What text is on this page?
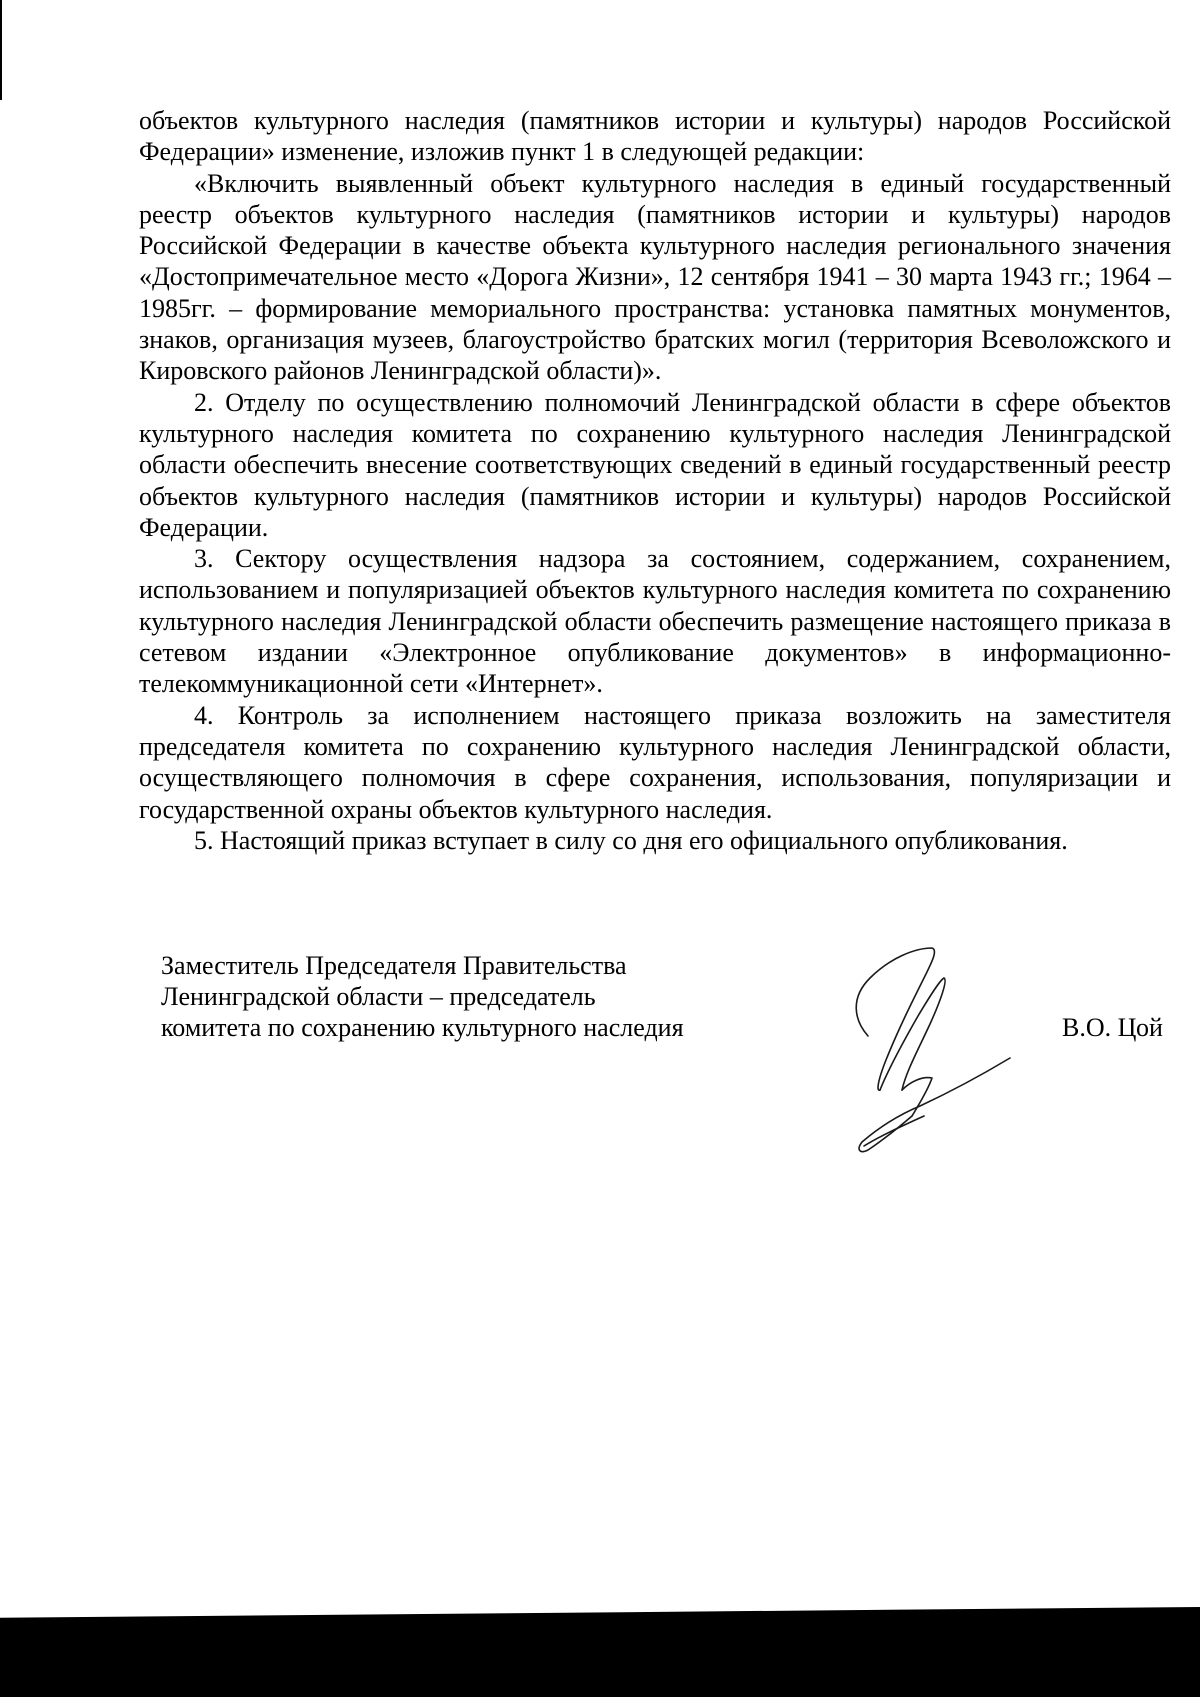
объектов культурного наследия (памятников истории и культуры) народов Российской Федерации» изменение, изложив пункт 1 в следующей редакции:

«Включить выявленный объект культурного наследия в единый государственный реестр объектов культурного наследия (памятников истории и культуры) народов Российской Федерации в качестве объекта культурного наследия регионального значения «Достопримечательное место «Дорога Жизни», 12 сентября 1941 – 30 марта 1943 гг.; 1964 – 1985гг. – формирование мемориального пространства: установка памятных монументов, знаков, организация музеев, благоустройство братских могил (территория Всеволожского и Кировского районов Ленинградской области)».

2. Отделу по осуществлению полномочий Ленинградской области в сфере объектов культурного наследия комитета по сохранению культурного наследия Ленинградской области обеспечить внесение соответствующих сведений в единый государственный реестр объектов культурного наследия (памятников истории и культуры) народов Российской Федерации.

3. Сектору осуществления надзора за состоянием, содержанием, сохранением, использованием и популяризацией объектов культурного наследия комитета по сохранению культурного наследия Ленинградской области обеспечить размещение настоящего приказа в сетевом издании «Электронное опубликование документов» в информационно-телекоммуникационной сети «Интернет».

4. Контроль за исполнением настоящего приказа возложить на заместителя председателя комитета по сохранению культурного наследия Ленинградской области, осуществляющего полномочия в сфере сохранения, использования, популяризации и государственной охраны объектов культурного наследия.

5. Настоящий приказ вступает в силу со дня его официального опубликования.

Заместитель Председателя Правительства
Ленинградской области – председатель
комитета по сохранению культурного наследия	В.О. Цой
